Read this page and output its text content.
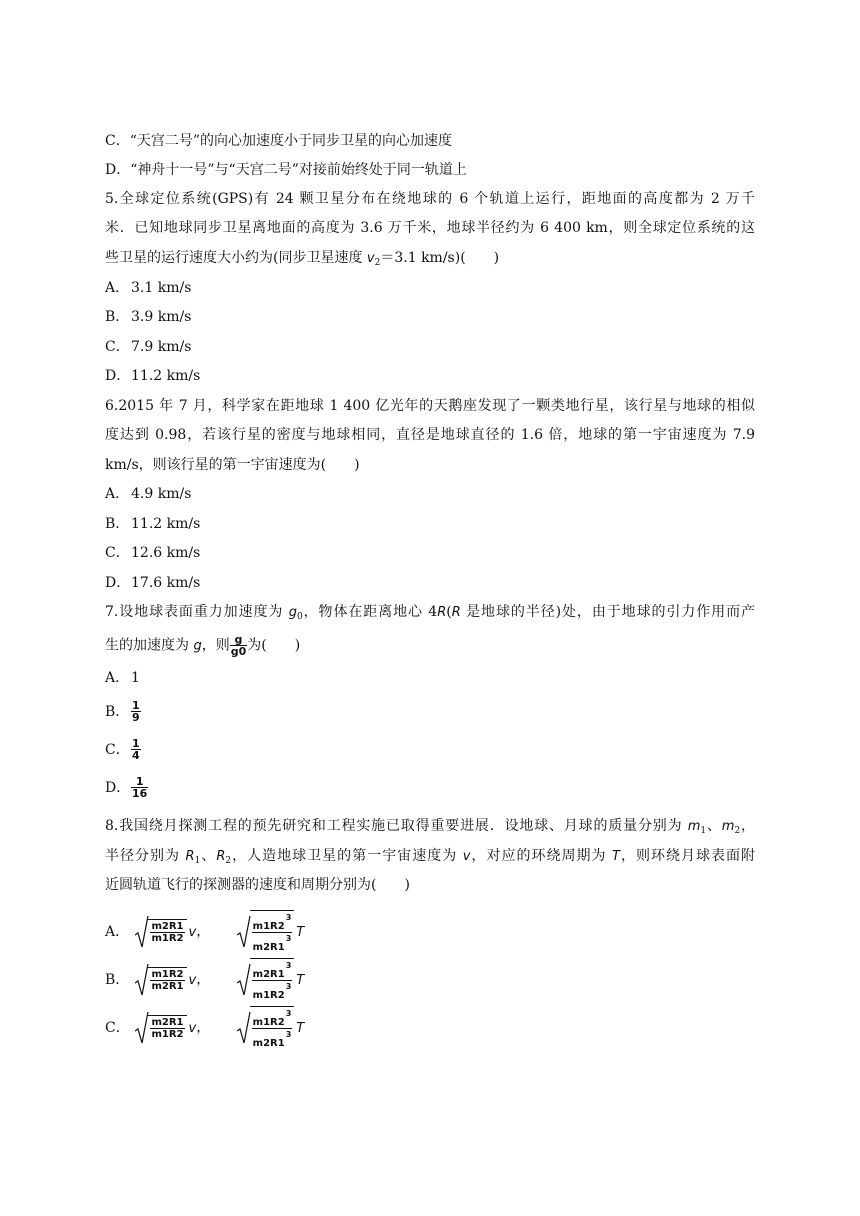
C．“天宫二号”的向心加速度小于同步卫星的向心加速度
D．“神舟十一号”与“天宫二号”对接前始终处于同一轨道上
5.全球定位系统(GPS)有 24 颗卫星分布在绕地球的 6 个轨道上运行，距地面的高度都为 2 万千
米．已知地球同步卫星离地面的高度为 3.6 万千米，地球半径约为 6 400 km，则全球定位系统的这
些卫星的运行速度大小约为(同步卫星速度 $v_2=3.1$ km/s)(　　)
A． 3.1 km/s
B． 3.9 km/s
C．7.9 km/s
D．11.2 km/s
6.2015 年 7 月，科学家在距地球 1 400 亿光年的天鹅座发现了一颗类地行星，该行星与地球的相似
度达到 0.98，若该行星的密度与地球相同，直径是地球直径的 1.6 倍，地球的第一宇宙速度为 7.9
km/s，则该行星的第一宇宙速度为(　　)
A． 4.9 km/s
B． 11.2 km/s
C．12.6 km/s
D．17.6 km/s
7.设地球表面重力加速度为 $g_0$，物体在距离地心 4R(R 是地球的半径)处，由于地球的引力作用而产
生的加速度为 g，则 $\frac{g}{g0}$ 为(　　)
A． 1
B． $\frac{1}{9}$
C． $\frac{1}{4}$
D． $\frac{1}{16}$
8.我国绕月探测工程的预先研究和工程实施已取得重要进展．设地球、月球的质量分别为 $m_1$、$m_2$，
半径分别为 $R_1$、$R_2$，人造地球卫星的第一宇宙速度为 v，对应的环绕周期为 T，则环绕月球表面附
近圆轨道飞行的探测器的速度和周期分别为(　　)
A． $\frac{m2R1}{m1R2}$ v，	$\frac{m1R2^3}{m2R1^3}$ T
B． $\frac{m1R2}{m2R1}$ v，	$\frac{m2R1^3}{m1R2^3}$ T
C． $\frac{m2R1}{m1R2}$ v，	$\frac{m1R2^3}{m2R1^3}$ T
